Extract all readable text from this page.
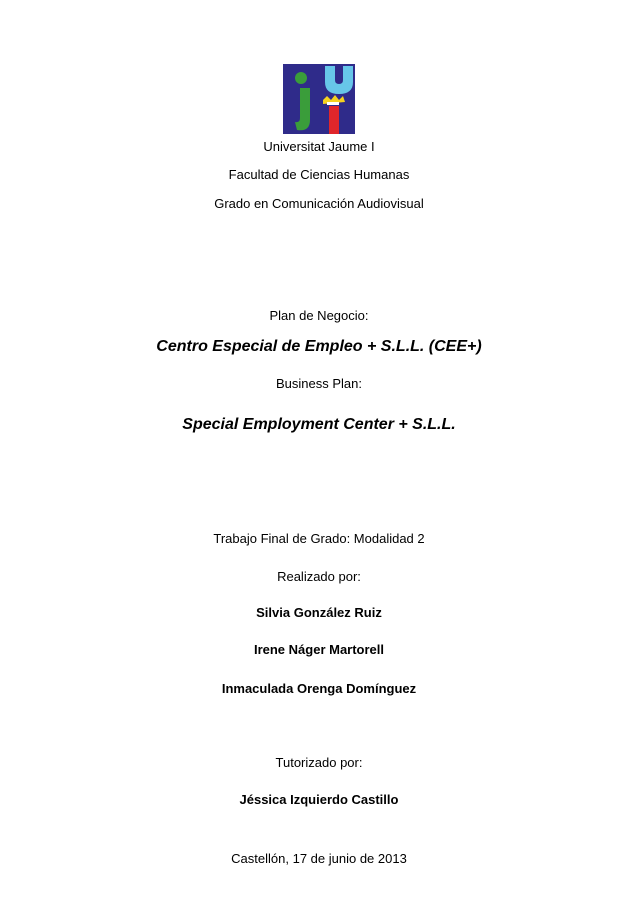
Universitat Jaume I
Facultad de Ciencias Humanas
Grado en Comunicación Audiovisual
Plan de Negocio:
Centro Especial de Empleo + S.L.L. (CEE+)
Business Plan:
Special Employment Center + S.L.L.
Trabajo Final de Grado: Modalidad 2
Realizado por:
Silvia González Ruiz
Irene Náger Martorell
Inmaculada Orenga Domínguez
Tutorizado por:
Jéssica Izquierdo Castillo
Castellón, 17 de junio de 2013
